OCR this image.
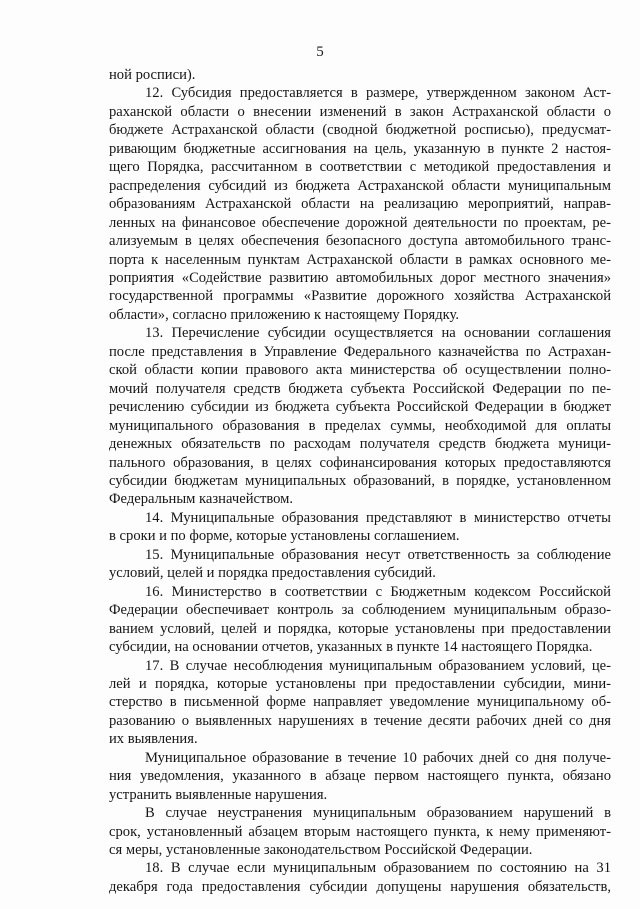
5
ной росписи).
12. Субсидия предоставляется в размере, утвержденном законом Аст-
раханской области о внесении изменений в закон Астраханской области о
бюджете Астраханской области (сводной бюджетной росписью), предусмат-
ривающим бюджетные ассигнования на цель, указанную в пункте 2 настоя-
щего Порядка, рассчитанном в соответствии с методикой предоставления и
распределения субсидий из бюджета Астраханской области муниципальным
образованиям Астраханской области на реализацию мероприятий, направ-
ленных на финансовое обеспечение дорожной деятельности по проектам, ре-
ализуемым в целях обеспечения безопасного доступа автомобильного транс-
порта к населенным пунктам Астраханской области в рамках основного ме-
роприятия «Содействие развитию автомобильных дорог местного значения»
государственной программы «Развитие дорожного хозяйства Астраханской
области», согласно приложению к настоящему Порядку.
13. Перечисление субсидии осуществляется на основании соглашения
после представления в Управление Федерального казначейства по Астрахан-
ской области копии правового акта министерства об осуществлении полно-
мочий получателя средств бюджета субъекта Российской Федерации по пе-
речислению субсидии из бюджета субъекта Российской Федерации в бюджет
муниципального образования в пределах суммы, необходимой для оплаты
денежных обязательств по расходам получателя средств бюджета муници-
пального образования, в целях софинансирования которых предоставляются
субсидии бюджетам муниципальных образований, в порядке, установленном
Федеральным казначейством.
14. Муниципальные образования представляют в министерство отчеты
в сроки и по форме, которые установлены соглашением.
15. Муниципальные образования несут ответственность за соблюдение
условий, целей и порядка предоставления субсидий.
16. Министерство в соответствии с Бюджетным кодексом Российской
Федерации обеспечивает контроль за соблюдением муниципальным образо-
ванием условий, целей и порядка, которые установлены при предоставлении
субсидии, на основании отчетов, указанных в пункте 14 настоящего Порядка.
17. В случае несоблюдения муниципальным образованием условий, це-
лей и порядка, которые установлены при предоставлении субсидии, мини-
стерство в письменной форме направляет уведомление муниципальному об-
разованию о выявленных нарушениях в течение десяти рабочих дней со дня
их выявления.
Муниципальное образование в течение 10 рабочих дней со дня получе-
ния уведомления, указанного в абзаце первом настоящего пункта, обязано
устранить выявленные нарушения.
В случае неустранения муниципальным образованием нарушений в
срок, установленный абзацем вторым настоящего пункта, к нему применяют-
ся меры, установленные законодательством Российской Федерации.
18. В случае если муниципальным образованием по состоянию на 31
декабря года предоставления субсидии допущены нарушения обязательств,
